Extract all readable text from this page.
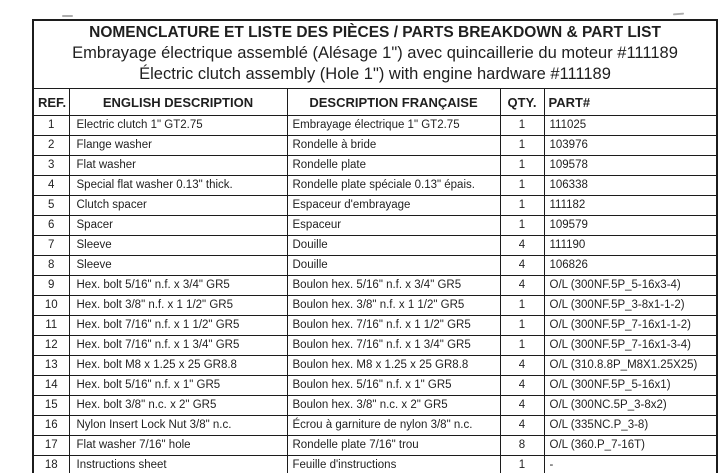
NOMENCLATURE ET LISTE DES PIÈCES / PARTS BREAKDOWN & PART LIST
Embrayage électrique assemblé (Alésage 1") avec quincaillerie du moteur #111189
Électric clutch assembly (Hole 1") with engine hardware #111189				

REF.	ENGLISH DESCRIPTION	DESCRIPTION FRANÇAISE	QTY.	PART#
1	Electric clutch 1" GT2.75	Embrayage électrique 1" GT2.75	1	111025
2	Flange washer	Rondelle à bride	1	103976
3	Flat washer	Rondelle plate	1	109578
4	Special flat washer 0.13" thick.	Rondelle plate spéciale 0.13" épais.	1	106338
5	Clutch spacer	Espaceur d'embrayage	1	111182
6	Spacer	Espaceur	1	109579
7	Sleeve	Douille	4	111190
8	Sleeve	Douille	4	106826
9	Hex. bolt 5/16" n.f. x 3/4" GR5	Boulon hex. 5/16" n.f. x 3/4" GR5	4	O/L (300NF.5P_5-16x3-4)
10	Hex. bolt 3/8" n.f. x 1 1/2" GR5	Boulon hex. 3/8" n.f. x 1 1/2" GR5	1	O/L (300NF.5P_3-8x1-1-2)
11	Hex. bolt 7/16" n.f. x 1 1/2" GR5	Boulon hex. 7/16" n.f. x 1 1/2" GR5	1	O/L (300NF.5P_7-16x1-1-2)
12	Hex. bolt 7/16" n.f. x 1 3/4" GR5	Boulon hex. 7/16" n.f. x 1 3/4" GR5	1	O/L (300NF.5P_7-16x1-3-4)
13	Hex. bolt M8 x 1.25 x 25 GR8.8	Boulon hex. M8 x 1.25 x 25 GR8.8	4	O/L (310.8.8P_M8X1.25X25)
14	Hex. bolt 5/16" n.f. x 1" GR5	Boulon hex. 5/16" n.f. x 1" GR5	4	O/L (300NF.5P_5-16x1)
15	Hex. bolt 3/8" n.c. x 2" GR5	Boulon hex. 3/8" n.c. x 2" GR5	4	O/L (300NC.5P_3-8x2)
16	Nylon Insert Lock Nut 3/8" n.c.	Écrou à garniture de nylon 3/8" n.c.	4	O/L (335NC.P_3-8)
17	Flat washer 7/16" hole	Rondelle plate 7/16" trou	8	O/L (360.P_7-16T)
18	Instructions sheet	Feuille d'instructions	1	-
